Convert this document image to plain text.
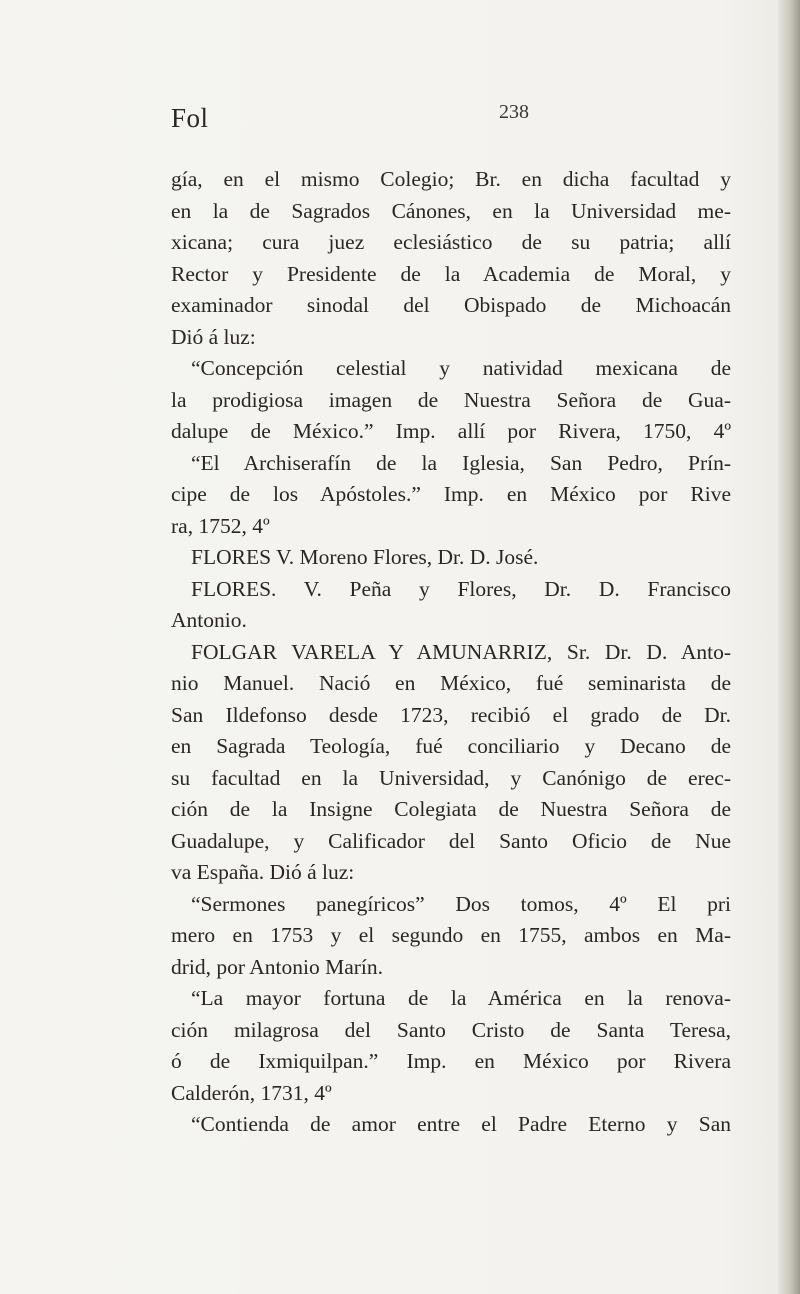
Fol	238
gía, en el mismo Colegio; Br. en dicha facultad y
en la de Sagrados Cánones, en la Universidad me-
xicana; cura juez eclesiástico de su patria; allí
Rector y Presidente de la Academia de Moral, y
examinador sinodal del Obispado de Michoacán
Dió á luz:
“Concepción celestial y natividad mexicana de
la prodigiosa imagen de Nuestra Señora de Gua-
dalupe de México.” Imp. allí por Rivera, 1750, 4º
“El Archiserafín de la Iglesia, San Pedro, Prín-
cipe de los Apóstoles.” Imp. en México por Rive
ra, 1752, 4º
FLORES V. Moreno Flores, Dr. D. José.
FLORES. V. Peña y Flores, Dr. D. Francisco
Antonio.
FOLGAR VARELA Y AMUNARRIZ, Sr. Dr. D. Anto-
nio Manuel. Nació en México, fué seminarista de
San Ildefonso desde 1723, recibió el grado de Dr.
en Sagrada Teología, fué conciliario y Decano de
su facultad en la Universidad, y Canónigo de erec-
ción de la Insigne Colegiata de Nuestra Señora de
Guadalupe, y Calificador del Santo Oficio de Nue
va España. Dió á luz:
“Sermones panegíricos” Dos tomos, 4º El pri
mero en 1753 y el segundo en 1755, ambos en Ma-
drid, por Antonio Marín.
“La mayor fortuna de la América en la renova-
ción milagrosa del Santo Cristo de Santa Teresa,
ó de Ixmiquilpan.” Imp. en México por Rivera
Calderón, 1731, 4º
“Contienda de amor entre el Padre Eterno y San
